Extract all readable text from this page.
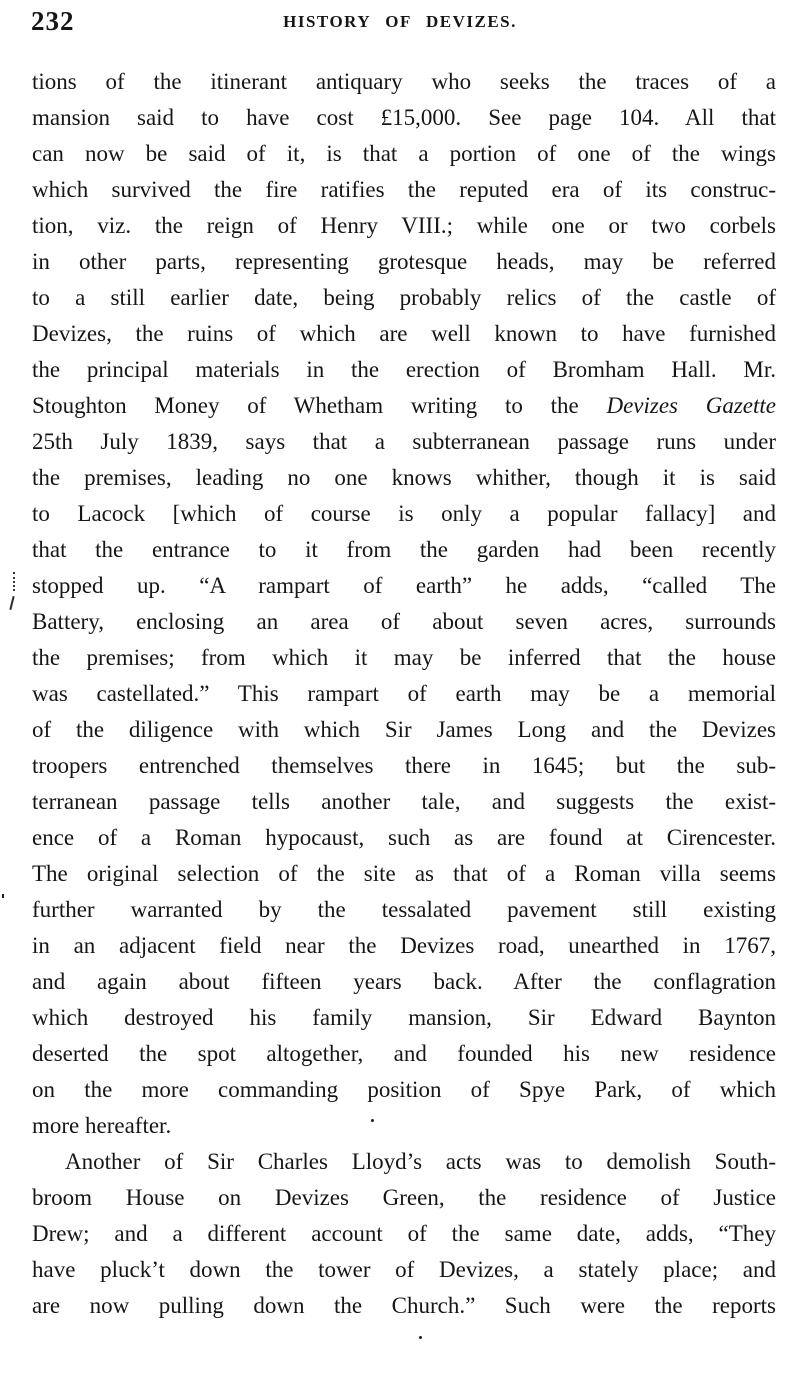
232	HISTORY OF DEVIZES.
tions of the itinerant antiquary who seeks the traces of a
mansion said to have cost £15,000. See page 104. All that
can now be said of it, is that a portion of one of the wings
which survived the fire ratifies the reputed era of its construc-
tion, viz. the reign of Henry VIII.; while one or two corbels
in other parts, representing grotesque heads, may be referred
to a still earlier date, being probably relics of the castle of
Devizes, the ruins of which are well known to have furnished
the principal materials in the erection of Bromham Hall. Mr.
Stoughton Money of Whetham writing to the Devizes Gazette
25th July 1839, says that a subterranean passage runs under
the premises, leading no one knows whither, though it is said
to Lacock [which of course is only a popular fallacy] and
that the entrance to it from the garden had been recently
stopped up. “A rampart of earth” he adds, “called The
Battery, enclosing an area of about seven acres, surrounds
the premises; from which it may be inferred that the house
was castellated.” This rampart of earth may be a memorial
of the diligence with which Sir James Long and the Devizes
troopers entrenched themselves there in 1645; but the sub-
terranean passage tells another tale, and suggests the exist-
ence of a Roman hypocaust, such as are found at Cirencester.
The original selection of the site as that of a Roman villa seems
further warranted by the tessalated pavement still existing
in an adjacent field near the Devizes road, unearthed in 1767,
and again about fifteen years back. After the conflagration
which destroyed his family mansion, Sir Edward Baynton
deserted the spot altogether, and founded his new residence
on the more commanding position of Spye Park, of which
more hereafter.
Another of Sir Charles Lloyd’s acts was to demolish South-
broom House on Devizes Green, the residence of Justice
Drew; and a different account of the same date, adds, “They
have pluck’t down the tower of Devizes, a stately place; and
are now pulling down the Church.” Such were the reports
